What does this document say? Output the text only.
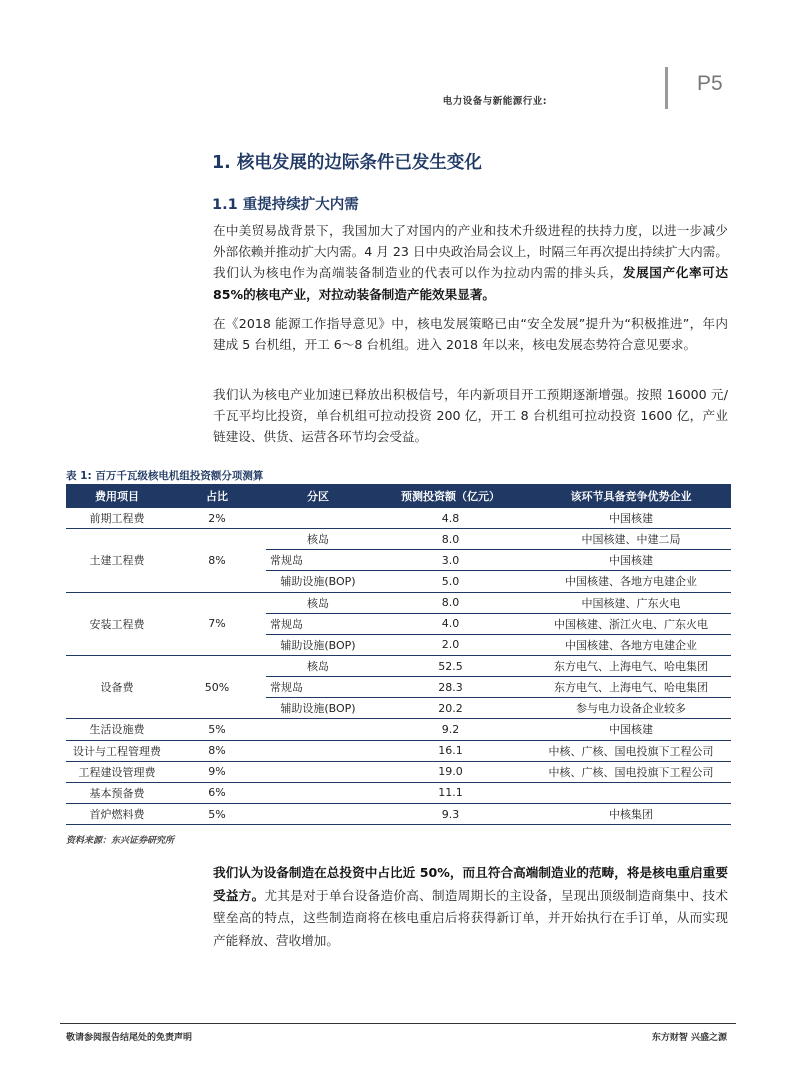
电力设备与新能源行业:
P5
1. 核电发展的边际条件已发生变化
1.1 重提持续扩大内需
在中美贸易战背景下，我国加大了对国内的产业和技术升级进程的扶持力度，以进一步减少外部依赖并推动扩大内需。4 月 23 日中央政治局会议上，时隔三年再次提出持续扩大内需。我们认为核电作为高端装备制造业的代表可以作为拉动内需的排头兵，发展国产化率可达 85%的核电产业，对拉动装备制造产能效果显著。
在《2018 能源工作指导意见》中，核电发展策略已由“安全发展”提升为“积极推进”，年内建成 5 台机组，开工 6～8 台机组。进入 2018 年以来，核电发展态势符合意见要求。
我们认为核电产业加速已释放出积极信号，年内新项目开工预期逐渐增强。按照 16000 元/千瓦平均比投资，单台机组可拉动投资 200 亿，开工 8 台机组可拉动投资 1600 亿，产业链建设、供货、运营各环节均会受益。
表 1: 百万千瓦级核电机组投资额分项测算
费用项目	占比	分区	预测投资额（亿元）	该环节具备竞争优势企业
前期工程费	2%		4.8	中国核建
土建工程费	8%	核岛	8.0	中国核建、中建二局
		常规岛	3.0	中国核建
		辅助设施(BOP)	5.0	中国核建、各地方电建企业
安装工程费	7%	核岛	8.0	中国核建、广东火电
		常规岛	4.0	中国核建、浙江火电、广东火电
		辅助设施(BOP)	2.0	中国核建、各地方电建企业
设备费	50%	核岛	52.5	东方电气、上海电气、哈电集团
		常规岛	28.3	东方电气、上海电气、哈电集团
		辅助设施(BOP)	20.2	参与电力设备企业较多
生活设施费	5%		9.2	中国核建
设计与工程管理费	8%		16.1	中核、广核、国电投旗下工程公司
工程建设管理费	9%		19.0	中核、广核、国电投旗下工程公司
基本预备费	6%		11.1	
首炉燃料费	5%		9.3	中核集团
资料来源：东兴证券研究所
我们认为设备制造在总投资中占比近 50%，而且符合高端制造业的范畴，将是核电重启重要受益方。尤其是对于单台设备造价高、制造周期长的主设备，呈现出顶级制造商集中、技术壁垒高的特点，这些制造商将在核电重启后将获得新订单，并开始执行在手订单，从而实现产能释放、营收增加。
敬请参阅报告结尾处的免责声明	东方财智 兴盛之源
